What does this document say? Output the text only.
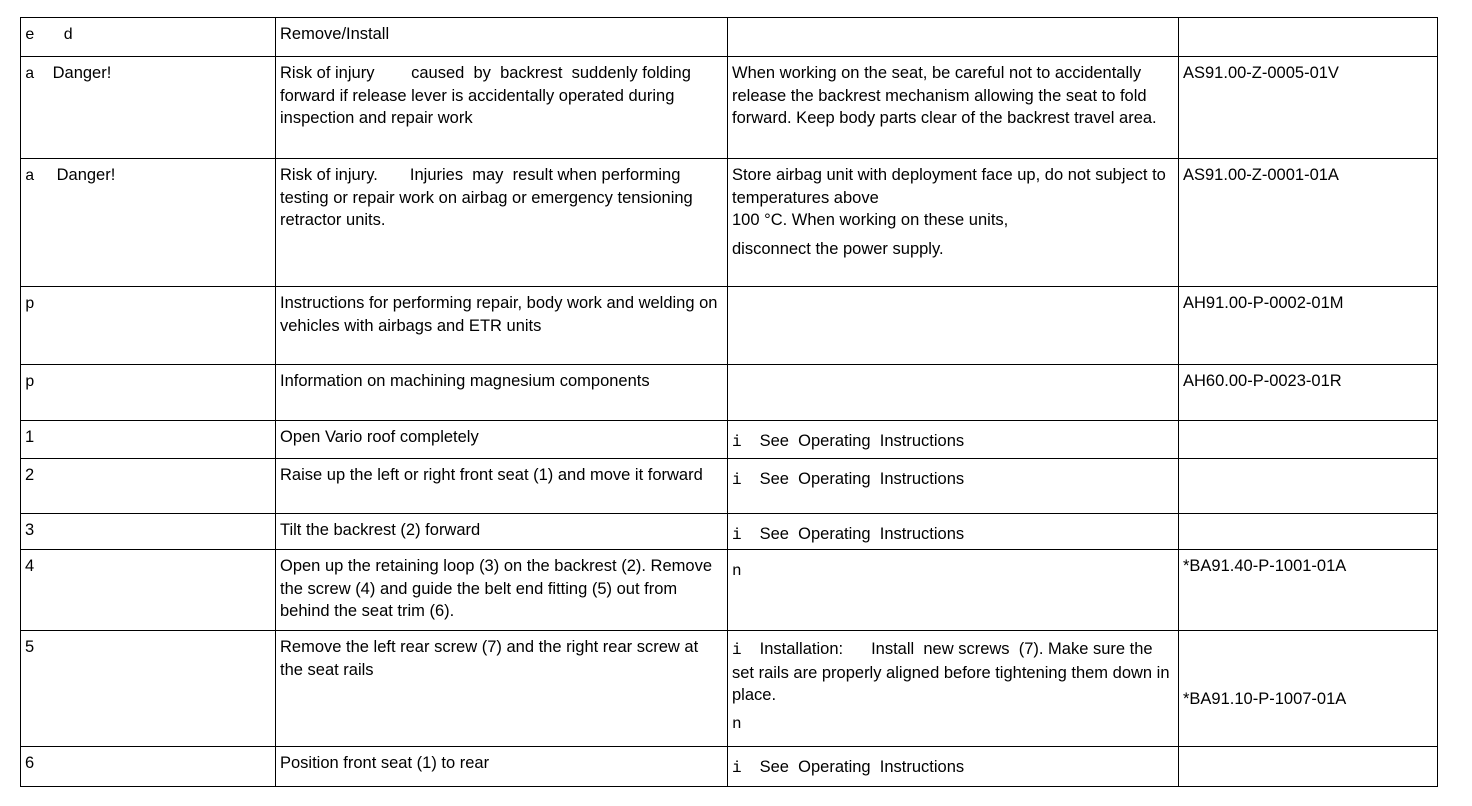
e   d	Remove/Install		
a Danger!	Risk of injury        caused  by  backrest  suddenly folding forward if release lever is accidentally operated during inspection and repair work	When working on the seat, be careful not to accidentally release the backrest mechanism allowing the seat to fold forward. Keep body parts clear of the backrest travel area.	AS91.00-Z-0005-01V
a Danger!	Risk of injury.       Injuries  may  result when performing testing or repair work on airbag or emergency tensioning retractor units.	Store airbag unit with deployment face up, do not subject to temperatures above
100 °C. When working on these units,
disconnect the power supply.	AS91.00-Z-0001-01A
p	Instructions for performing repair, body work and welding on vehicles with airbags and ETR units		AH91.00-P-0002-01M
p	Information on machining magnesium components		AH60.00-P-0023-01R
1	Open Vario roof completely	i See  Operating  Instructions	

2	Raise up the left or right front seat (1) and move it forward	i See  Operating  Instructions	

3	Tilt the backrest (2) forward	i See  Operating  Instructions	

4	Open up the retaining loop (3) on the backrest (2). Remove the screw (4) and guide the belt end fitting (5) out from behind the seat trim (6).	n	*BA91.40-P-1001-01A
5	Remove the left rear screw (7) and the right rear screw at the seat rails	i Installation: Install  new screws  (7). Make sure the set rails are properly aligned before tightening them down in place.
n	*BA91.10-P-1007-01A

6	Position front seat (1) to rear	i See  Operating  Instructions	
